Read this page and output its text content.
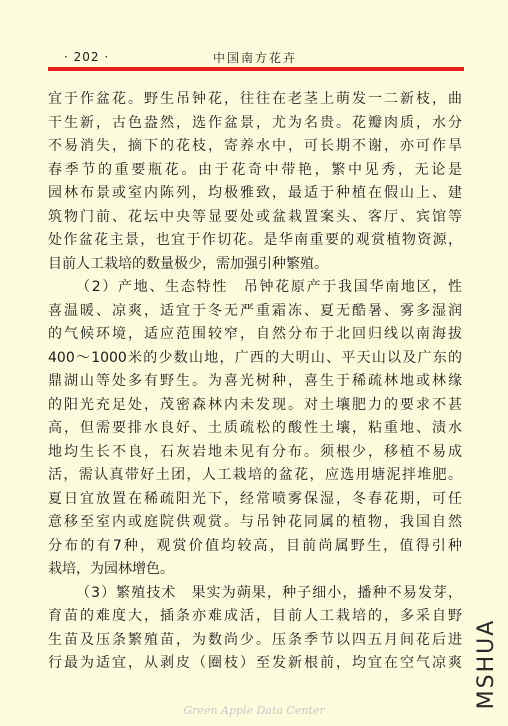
· 202 ·	中国南方花卉
宜于作盆花。野生吊钟花，往往在老茎上萌发一二新枝，曲
干生新，古色盎然，选作盆景，尤为名贵。花瓣肉质，水分
不易消失，摘下的花枝，寄养水中，可长期不谢，亦可作旱
春季节的重要瓶花。由于花奇中带艳，繁中见秀，无论是
园林布景或室内陈列，均极雅致，最适于种植在假山上、建
筑物门前、花坛中央等显要处或盆栽置案头、客厅、宾馆等
处作盆花主景，也宜于作切花。是华南重要的观赏植物资源，
目前人工栽培的数量极少，需加强引种繁殖。
（2）产地、生态特性　吊钟花原产于我国华南地区，性
喜温暖、凉爽，适宜于冬无严重霜冻、夏无酷暑、雾多湿润
的气候环境，适应范围较窄，自然分布于北回归线以南海拔
400～1000米的少数山地，广西的大明山、平天山以及广东的
鼎湖山等处多有野生。为喜光树种，喜生于稀疏林地或林缘
的阳光充足处，茂密森林内未发现。对土壤肥力的要求不甚
高，但需要排水良好、土质疏松的酸性土壤，粘重地、渍水
地均生长不良，石灰岩地未见有分布。须根少，移植不易成
活，需认真带好土团，人工栽培的盆花，应选用塘泥拌堆肥。
夏日宜放置在稀疏阳光下，经常喷雾保湿，冬春花期，可任
意移至室内或庭院供观赏。与吊钟花同属的植物，我国自然
分布的有7种，观赏价值均较高，目前尚属野生，值得引种
栽培，为园林增色。
（3）繁殖技术　果实为蒴果，种子细小，播种不易发芽，
育苗的难度大，插条亦难成活，目前人工栽培的，多采自野
生苗及压条繁殖苗，为数尚少。压条季节以四五月间花后进
行最为适宜，从剥皮（圈枝）至发新根前，均宜在空气凉爽 MSHUA
Green Apple Data Center
